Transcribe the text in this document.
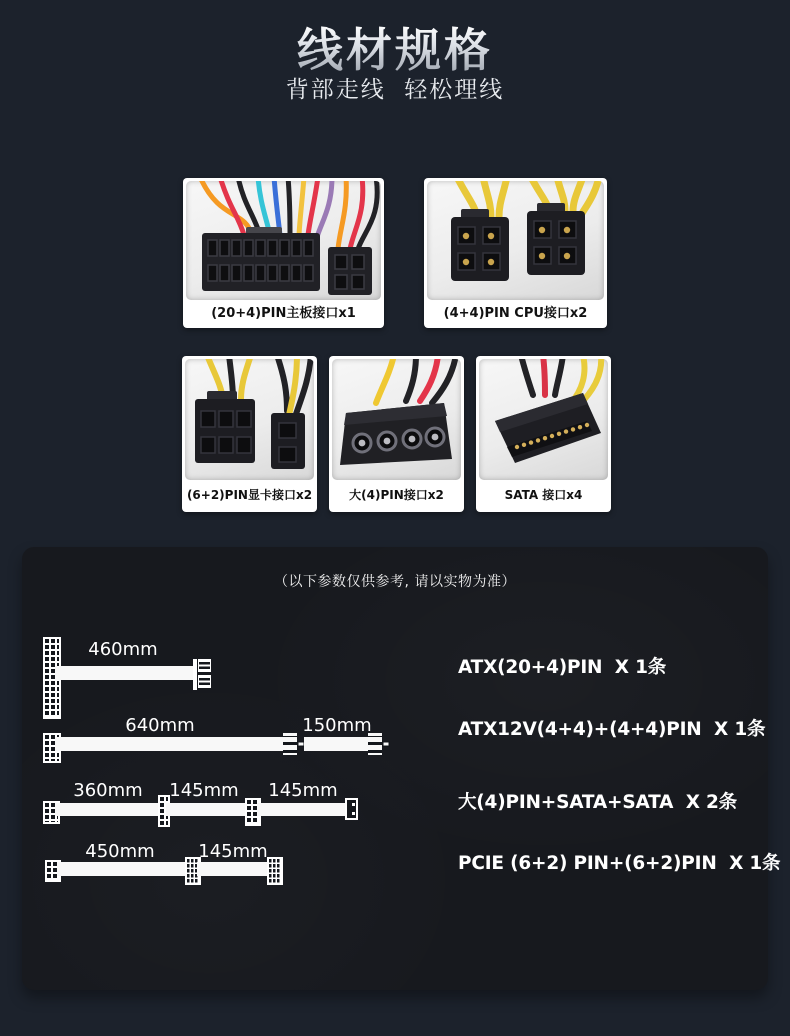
线材规格
背部走线  轻松理线
(20+4)PIN主板接口x1	(4+4)PIN CPU接口x2
(6+2)PIN显卡接口x2	大(4)PIN接口x2	SATA 接口x4
（以下参数仅供参考, 请以实物为准）
460mm
ATX(20+4)PIN  X 1条
640mm	150mm	ATX12V(4+4)+(4+4)PIN  X 1条
360mm 145mm 145mm
大(4)PIN+SATA+SATA  X 2条
450mm 145mm
PCIE (6+2) PIN+(6+2)PIN  X 1条
